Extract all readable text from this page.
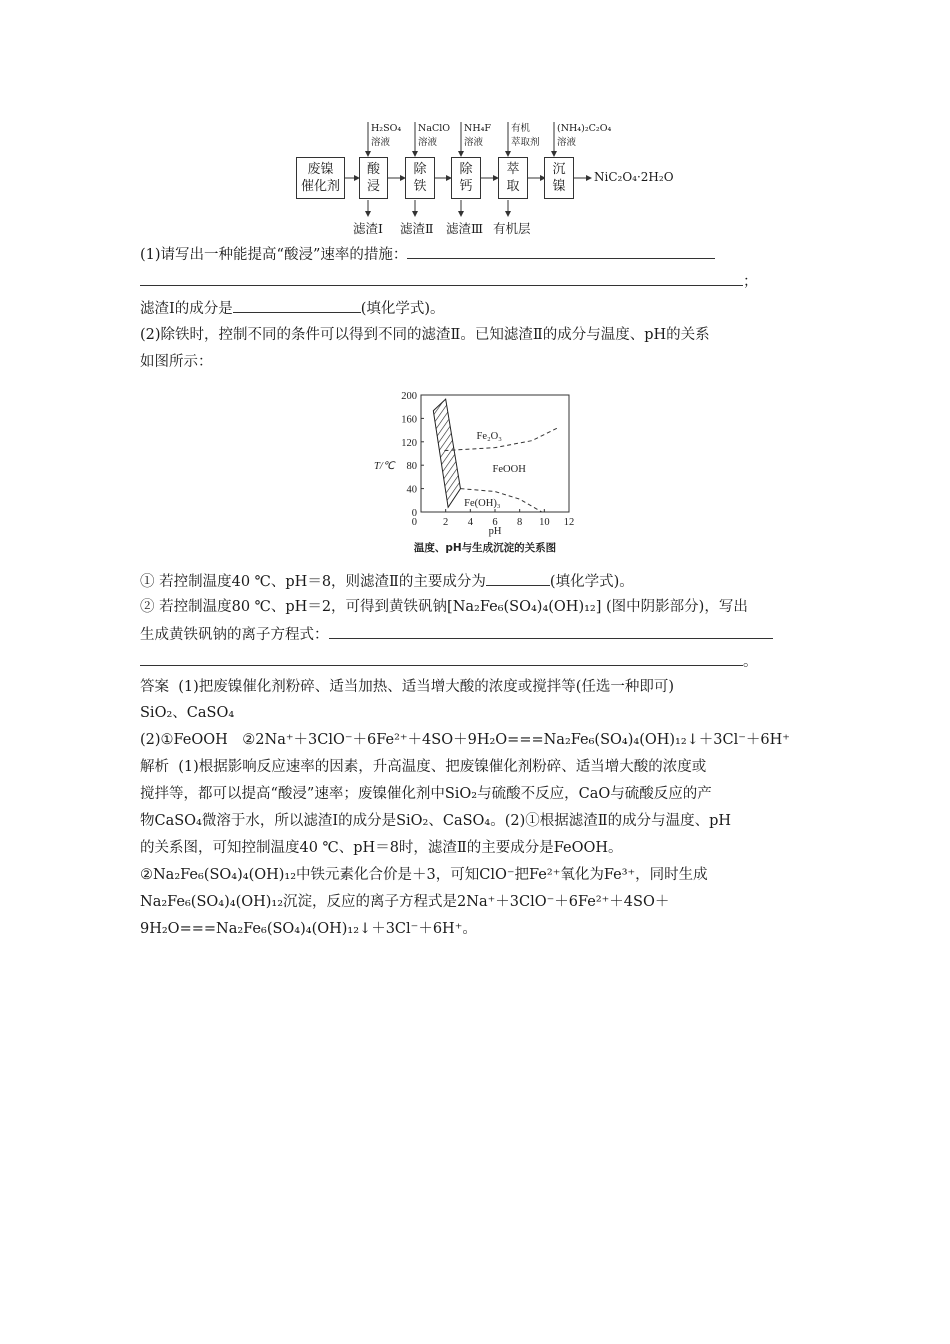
废镍
催化剂
酸
浸
除
铁
除
钙
萃
取
沉
镍
H₂SO₄
溶液
NaClO
溶液
NH₄F
溶液
有机
萃取剂
(NH₄)₂C₂O₄
溶液
滤渣Ⅰ 滤渣Ⅱ 滤渣Ⅲ 有机层
NiC₂O₄·2H₂O
(1)请写出一种能提高“酸浸”速率的措施：
；
滤渣Ⅰ的成分是	(填化学式)。
(2)除铁时，控制不同的条件可以得到不同的滤渣Ⅱ。已知滤渣Ⅱ的成分与温度、pH的关系
如图所示：
0
40
80
120
160
200
2 4 6 8 10 12
0
T/℃
pH
Fe₂O₃
FeOOH
Fe(OH)₃
温度、pH与生成沉淀的关系图
① 若控制温度40 ℃、pH＝8，则滤渣Ⅱ的主要成分为	(填化学式)。
② 若控制温度80 ℃、pH＝2，可得到黄铁矾钠[Na₂Fe₆(SO₄)₄(OH)₁₂] (图中阴影部分)，写出
生成黄铁矾钠的离子方程式：
。
答案 (1)把废镍催化剂粉碎、适当加热、适当增大酸的浓度或搅拌等(任选一种即可)
SiO₂、CaSO₄
(2)①FeOOH　②2Na⁺＋3ClO⁻＋6Fe²⁺＋4SO＋9H₂O===Na₂Fe₆(SO₄)₄(OH)₁₂↓＋3Cl⁻＋6H⁺
解析 (1)根据影响反应速率的因素，升高温度、把废镍催化剂粉碎、适当增大酸的浓度或
搅拌等，都可以提高“酸浸”速率；废镍催化剂中SiO₂与硫酸不反应，CaO与硫酸反应的产
物CaSO₄微溶于水，所以滤渣Ⅰ的成分是SiO₂、CaSO₄。(2)①根据滤渣Ⅱ的成分与温度、pH
的关系图，可知控制温度40 ℃、pH＝8时，滤渣Ⅱ的主要成分是FeOOH。
②Na₂Fe₆(SO₄)₄(OH)₁₂中铁元素化合价是＋3，可知ClO⁻把Fe²⁺氧化为Fe³⁺，同时生成
Na₂Fe₆(SO₄)₄(OH)₁₂沉淀，反应的离子方程式是2Na⁺＋3ClO⁻＋6Fe²⁺＋4SO＋
9H₂O===Na₂Fe₆(SO₄)₄(OH)₁₂↓＋3Cl⁻＋6H⁺。
